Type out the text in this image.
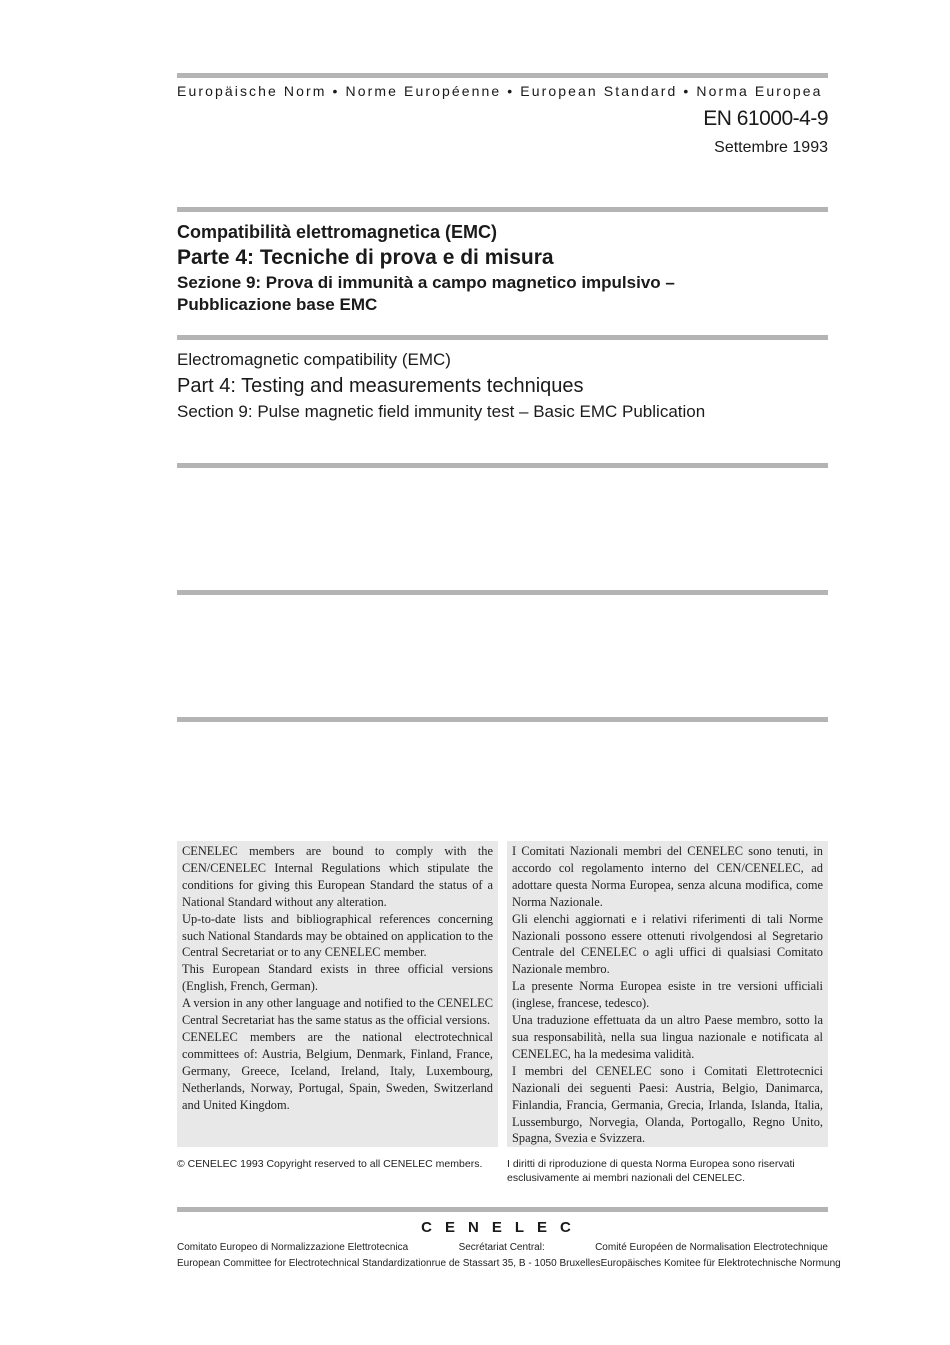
Europäische Norm • Norme Européenne • European Standard • Norma Europea
EN 61000-4-9
Settembre 1993
Compatibilità elettromagnetica (EMC)
Parte 4: Tecniche di prova e di misura
Sezione 9: Prova di immunità a campo magnetico impulsivo –
Pubblicazione base EMC
Electromagnetic compatibility (EMC)
Part 4: Testing and measurements techniques
Section 9: Pulse magnetic field immunity test – Basic EMC Publication

CENELEC members are bound to comply with the CEN/CENELEC Internal Regulations which stipulate the conditions for giving this European Standard the status of a National Standard without any alteration.

Up-to-date lists and bibliographical references concerning such National Standards may be obtained on application to the Central Secretariat or to any CENELEC member.

This European Standard exists in three official versions (English, French, German).

A version in any other language and notified to the CENELEC Central Secretariat has the same status as the official versions.

CENELEC members are the national electrotechnical committees of: Austria, Belgium, Denmark, Finland, France, Germany, Greece, Iceland, Ireland, Italy, Luxembourg, Netherlands, Norway, Portugal, Spain, Sweden, Switzerland and United Kingdom.

I Comitati Nazionali membri del CENELEC sono tenuti, in accordo col regolamento interno del CEN/CENELEC, ad adottare questa Norma Europea, senza alcuna modifica, come Norma Nazionale.

Gli elenchi aggiornati e i relativi riferimenti di tali Norme Nazionali possono essere ottenuti rivolgendosi al Segretario Centrale del CENELEC o agli uffici di qualsiasi Comitato Nazionale membro.

La presente Norma Europea esiste in tre versioni ufficiali (inglese, francese, tedesco).

Una traduzione effettuata da un altro Paese membro, sotto la sua responsabilità, nella sua lingua nazionale e notificata al CENELEC, ha la medesima validità.

I membri del CENELEC sono i Comitati Elettrotecnici Nazionali dei seguenti Paesi: Austria, Belgio, Danimarca, Finlandia, Francia, Germania, Grecia, Irlanda, Islanda, Italia, Lussemburgo, Norvegia, Olanda, Portogallo, Regno Unito, Spagna, Svezia e Svizzera.

© CENELEC 1993 Copyright reserved to all CENELEC members.	I diritti di riproduzione di questa Norma Europea sono riservati esclusivamente ai membri nazionali del CENELEC.
CENELEC
Comitato Europeo di Normalizzazione Elettrotecnica	Secrétariat Central:	Comité Européen de Normalisation Electrotechnique
European Committee for Electrotechnical Standardization rue de Stassart 35, B - 1050 Bruxelles Europäisches Komitee für Elektrotechnische Normung
